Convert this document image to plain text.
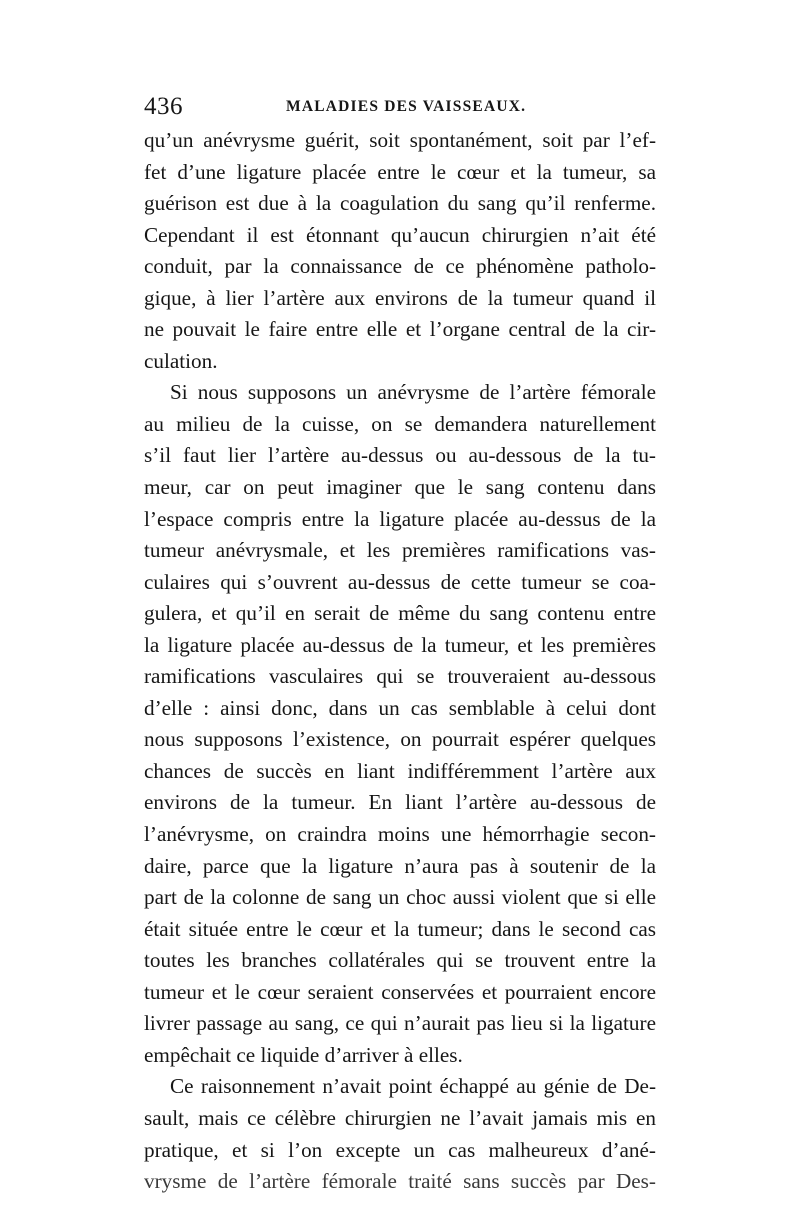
436	MALADIES DES VAISSEAUX.
qu’un anévrysme guérit, soit spontanément, soit par l’ef-
fet d’une ligature placée entre le cœur et la tumeur, sa
guérison est due à la coagulation du sang qu’il renferme.
Cependant il est étonnant qu’aucun chirurgien n’ait été
conduit, par la connaissance de ce phénomène patholo-
gique, à lier l’artère aux environs de la tumeur quand il
ne pouvait le faire entre elle et l’organe central de la cir-
culation.
Si nous supposons un anévrysme de l’artère fémorale
au milieu de la cuisse, on se demandera naturellement
s’il faut lier l’artère au-dessus ou au-dessous de la tu-
meur, car on peut imaginer que le sang contenu dans
l’espace compris entre la ligature placée au-dessus de la
tumeur anévrysmale, et les premières ramifications vas-
culaires qui s’ouvrent au-dessus de cette tumeur se coa-
gulera, et qu’il en serait de même du sang contenu entre
la ligature placée au-dessus de la tumeur, et les premières
ramifications vasculaires qui se trouveraient au-dessous
d’elle : ainsi donc, dans un cas semblable à celui dont
nous supposons l’existence, on pourrait espérer quelques
chances de succès en liant indifféremment l’artère aux
environs de la tumeur. En liant l’artère au-dessous de
l’anévrysme, on craindra moins une hémorrhagie secon-
daire, parce que la ligature n’aura pas à soutenir de la
part de la colonne de sang un choc aussi violent que si elle
était située entre le cœur et la tumeur; dans le second cas
toutes les branches collatérales qui se trouvent entre la
tumeur et le cœur seraient conservées et pourraient encore
livrer passage au sang, ce qui n’aurait pas lieu si la ligature
empêchait ce liquide d’arriver à elles.
Ce raisonnement n’avait point échappé au génie de De-
sault, mais ce célèbre chirurgien ne l’avait jamais mis en
pratique, et si l’on excepte un cas malheureux d’ané-
vrysme de l’artère fémorale traité sans succès par Des-
